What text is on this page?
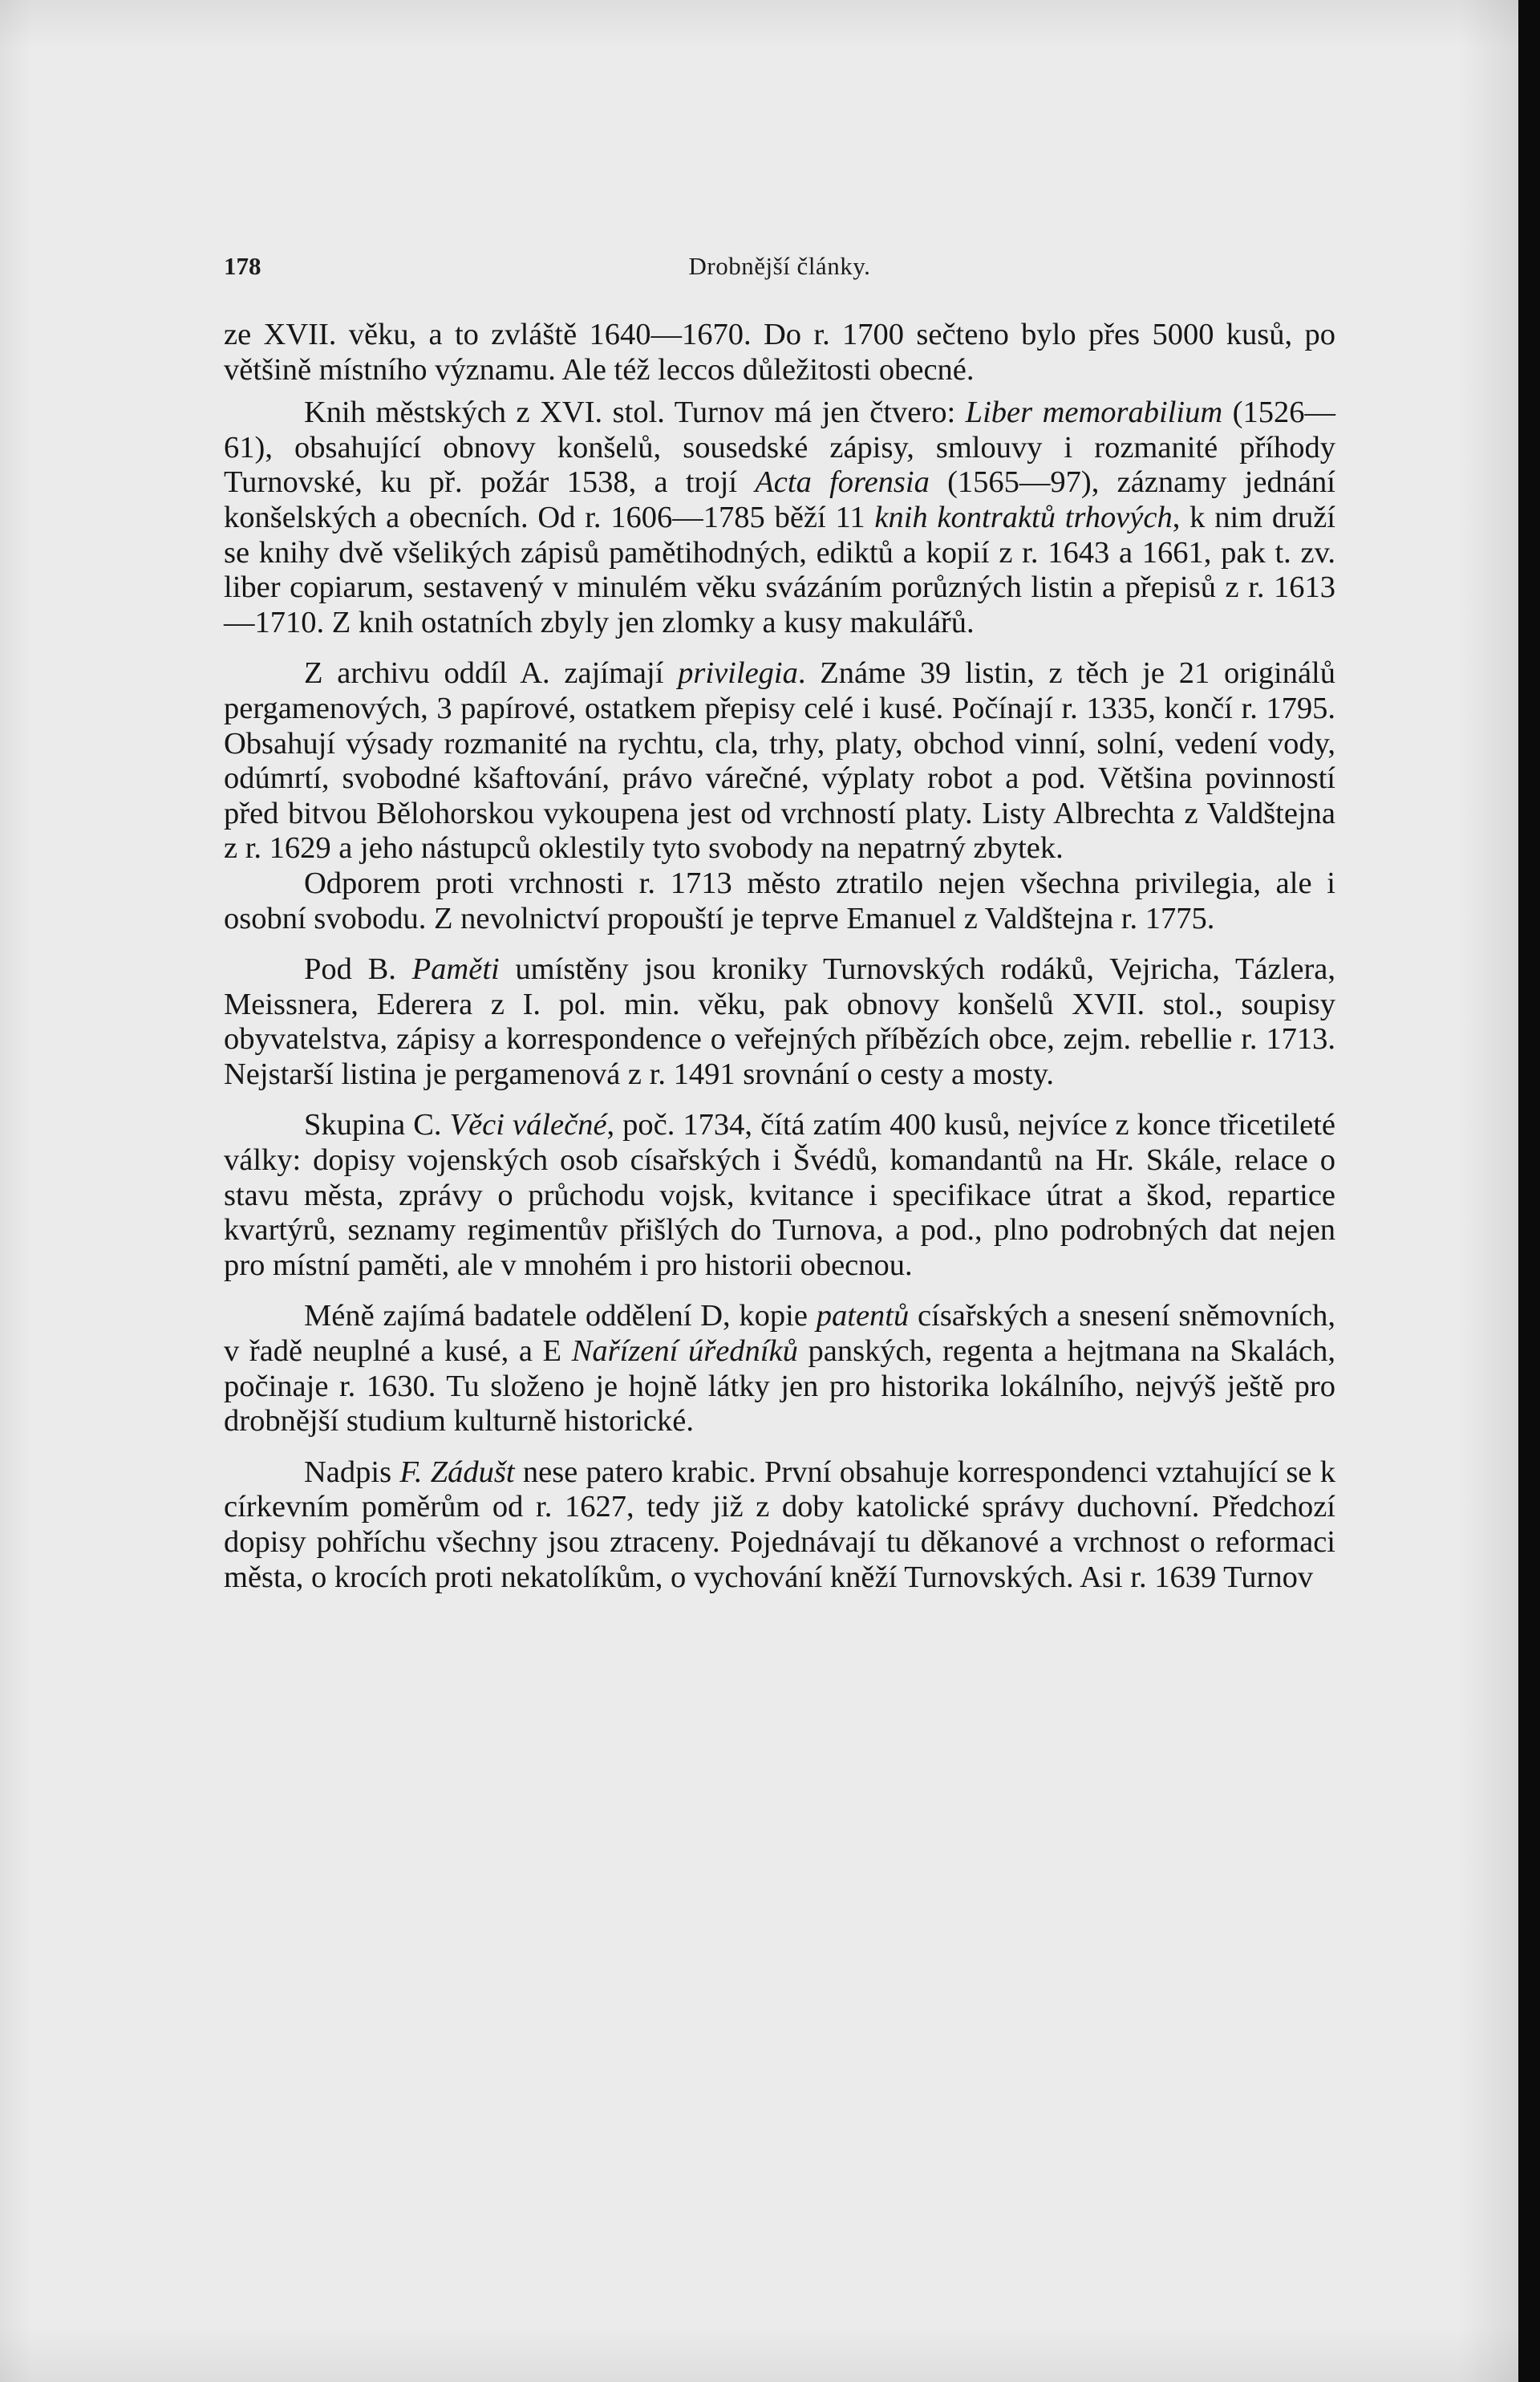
178	Drobnější články.

ze XVII. věku, a to zvláště 1640—1670. Do r. 1700 sečteno bylo přes 5000 kusů, po většině místního významu. Ale též leccos důležitosti obecné.

Knih městských z XVI. stol. Turnov má jen čtvero: Liber memorabilium (1526—61), obsahující obnovy konšelů, sousedské zápisy, smlouvy i rozmanité příhody Turnovské, ku př. požár 1538, a trojí Acta forensia (1565—97), záznamy jednání konšelských a obecních. Od r. 1606—1785 běží 11 knih kontraktů trhových, k nim druží se knihy dvě všelikých zápisů pamětihodných, ediktů a kopií z r. 1643 a 1661, pak t. zv. liber copiarum, sestavený v minulém věku svázáním porůzných listin a přepisů z r. 1613—1710. Z knih ostatních zbyly jen zlomky a kusy makulářů.

Z archivu oddíl A. zajímají privilegia. Známe 39 listin, z těch je 21 originálů pergamenových, 3 papírové, ostatkem přepisy celé i kusé. Počínají r. 1335, končí r. 1795. Obsahují výsady rozmanité na rychtu, cla, trhy, platy, obchod vinní, solní, vedení vody, odúmrtí, svobodné kšaftování, právo várečné, výplaty robot a pod. Většina povinností před bitvou Bělohorskou vykoupena jest od vrchností platy. Listy Albrechta z Valdštejna z r. 1629 a jeho nástupců oklestily tyto svobody na nepatrný zbytek.

Odporem proti vrchnosti r. 1713 město ztratilo nejen všechna privilegia, ale i osobní svobodu. Z nevolnictví propouští je teprve Emanuel z Valdštejna r. 1775.

Pod B. Paměti umístěny jsou kroniky Turnovských rodáků, Vejricha, Tázlera, Meissnera, Ederera z I. pol. min. věku, pak obnovy konšelů XVII. stol., soupisy obyvatelstva, zápisy a korrespondence o veřejných příbězích obce, zejm. rebellie r. 1713. Nejstarší listina je pergamenová z r. 1491 srovnání o cesty a mosty.

Skupina C. Věci válečné, poč. 1734, čítá zatím 400 kusů, nejvíce z konce třicetileté války: dopisy vojenských osob císařských i Švédů, komandantů na Hr. Skále, relace o stavu města, zprávy o průchodu vojsk, kvitance i specifikace útrat a škod, repartice kvartýrů, seznamy regimentův přišlých do Turnova, a pod., plno podrobných dat nejen pro místní paměti, ale v mnohém i pro historii obecnou.

Méně zajímá badatele oddělení D, kopie patentů císařských a snesení sněmovních, v řadě neuplné a kusé, a E Nařízení úředníků panských, regenta a hejtmana na Skalách, počinaje r. 1630. Tu složeno je hojně látky jen pro historika lokálního, nejvýš ještě pro drobnější studium kulturně historické.

Nadpis F. Zádušt nese patero krabic. První obsahuje korrespondenci vztahující se k církevním poměrům od r. 1627, tedy již z doby katolické správy duchovní. Předchozí dopisy pohříchu všechny jsou ztraceny. Pojednávají tu děkanové a vrchnost o reformaci města, o krocích proti nekatolíkům, o vychování kněží Turnovských. Asi r. 1639 Turnov
